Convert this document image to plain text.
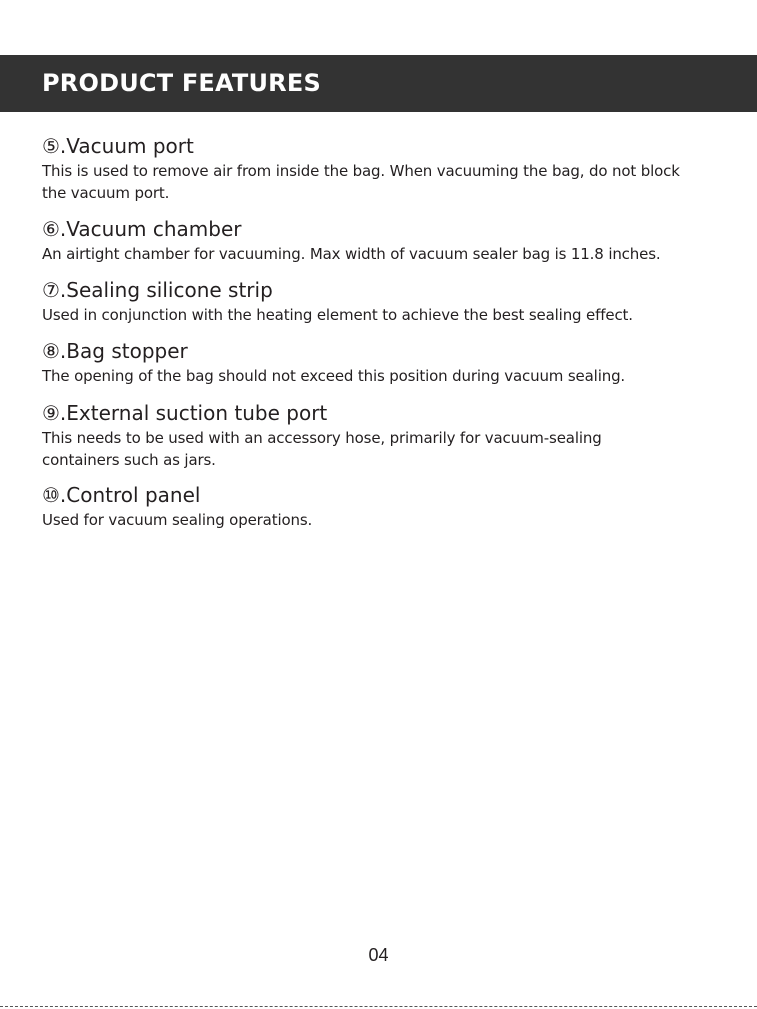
PRODUCT FEATURES
⑤.Vacuum port
This is used to remove air from inside the bag. When vacuuming the bag, do not block the vacuum port.
⑥.Vacuum chamber
An airtight chamber for vacuuming. Max width of vacuum sealer bag is 11.8 inches.
⑦.Sealing silicone strip
Used in conjunction with the heating element to achieve the best sealing effect.
⑧.Bag stopper
The opening of the bag should not exceed this position during vacuum sealing.
⑨.External suction tube port
This needs to be used with an accessory hose, primarily for vacuum-sealing containers such as jars.
⑩.Control panel
Used for vacuum sealing operations.
04
